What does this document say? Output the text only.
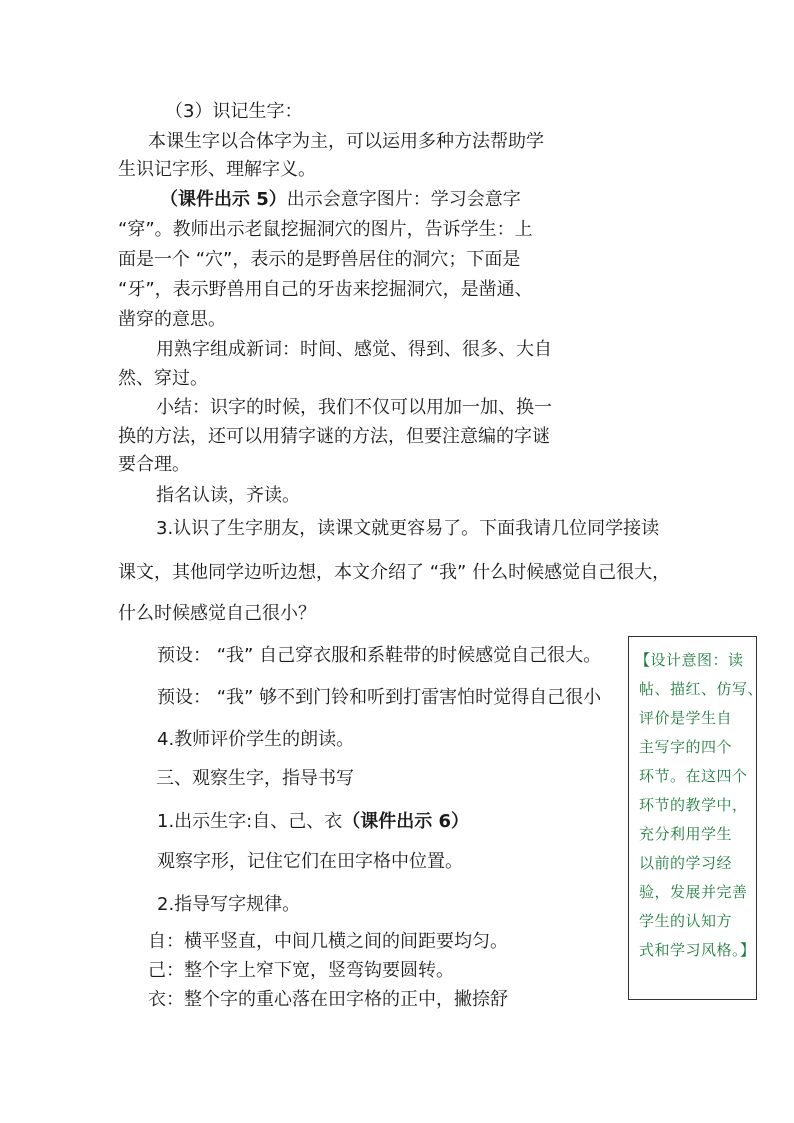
（3）识记生字：
本课生字以合体字为主，可以运用多种方法帮助学
生识记字形、理解字义。
（课件出示 5）出示会意字图片：学习会意字
“穿”。教师出示老鼠挖掘洞穴的图片，告诉学生：上
面是一个 “穴”，表示的是野兽居住的洞穴；下面是
“牙”，表示野兽用自己的牙齿来挖掘洞穴，是凿通、
凿穿的意思。
用熟字组成新词：时间、感觉、得到、很多、大自
然、穿过。
小结：识字的时候，我们不仅可以用加一加、换一
换的方法，还可以用猜字谜的方法，但要注意编的字谜
要合理。
指名认读，齐读。
3.认识了生字朋友，读课文就更容易了。下面我请几位同学接读
课文，其他同学边听边想，本文介绍了 “我” 什么时候感觉自己很大，
什么时候感觉自己很小？
预设： “我” 自己穿衣服和系鞋带的时候感觉自己很大。
预设： “我” 够不到门铃和听到打雷害怕时觉得自己很小
4.教师评价学生的朗读。
三、观察生字，指导书写
1.出示生字:自、己、衣（课件出示 6）
观察字形，记住它们在田字格中位置。
2.指导写字规律。
自：横平竖直，中间几横之间的间距要均匀。
己：整个字上窄下宽，竖弯钩要圆转。
衣：整个字的重心落在田字格的正中，撇捺舒
【设计意图：读
帖、描红、仿写、
评价是学生自
主写字的四个
环节。在这四个
环节的教学中，
充分利用学生
以前的学习经
验，发展并完善
学生的认知方
式和学习风格。】
